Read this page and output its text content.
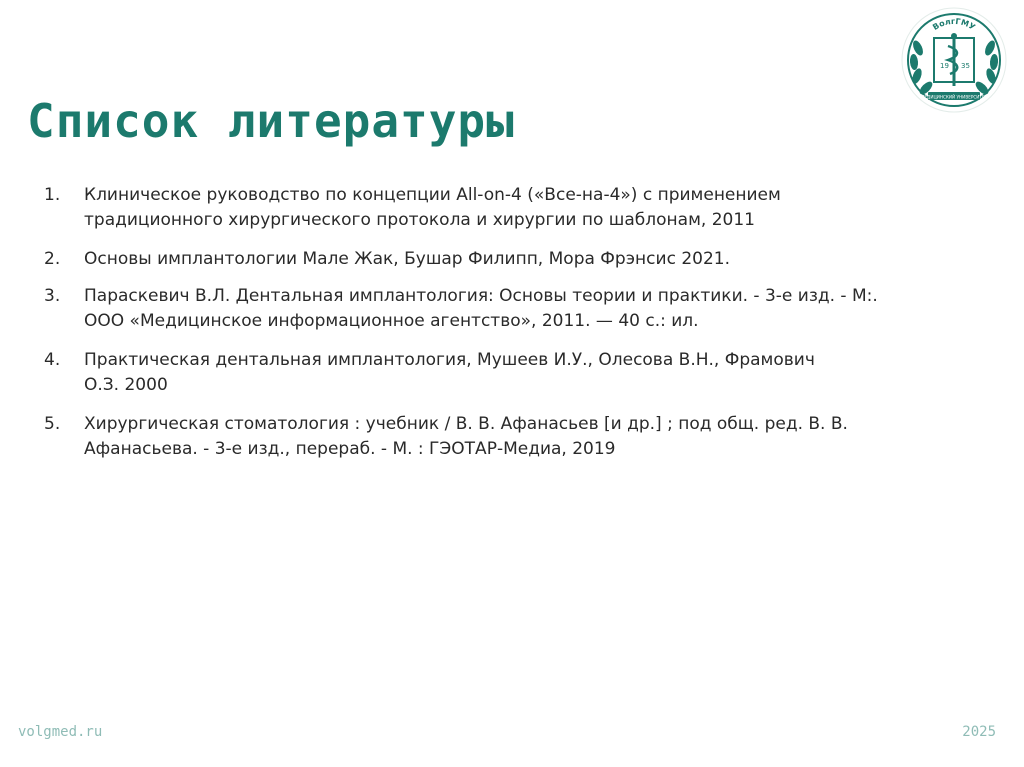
19 35
ВолгГМУ
МЕДИЦИНСКИЙ УНИВЕРСИТЕТ
Список литературы
1.	Клиническое руководство по концепции All-on-4 («Все-на-4») с применением
традиционного хирургического протокола и хирургии по шаблонам, 2011
2.	Основы имплантологии Мале Жак, Бушар Филипп, Мора Фрэнсис 2021.
3.	Параскевич В.Л. Дентальная имплантология: Основы теории и практики. - 3-е изд. - М:.
ООО «Медицинское информационное агентство», 2011. — 40 с.: ил.
4.	Практическая дентальная имплантология, Мушеев И.У., Олесова В.Н., Фрамович
О.З. 2000
5.	Хирургическая стоматология : учебник / В. В. Афанасьев [и др.] ; под общ. ред. В. В.
Афанасьева. - 3-е изд., перераб. - М. : ГЭОТАР-Медиа, 2019
volgmed.ru	2025
